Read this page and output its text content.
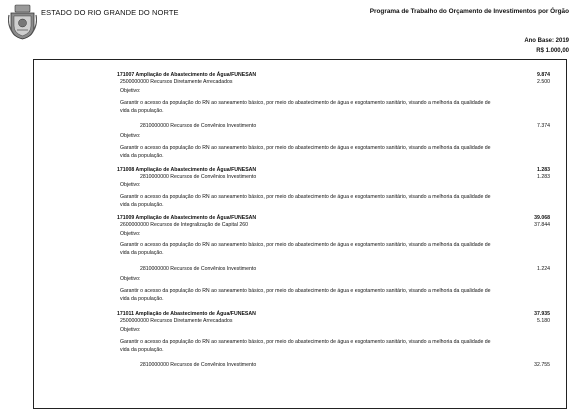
ESTADO DO RIO GRANDE DO NORTE	Programa de Trabalho do Orçamento de Investimentos por Órgão
Ano Base: 2019
R$ 1.000,00
171007 Ampliação de Abastecimento de Água/FUNESAN	9.874
2500000000 Recursos Diretamente Arrecadados	2.500
Objetivo:
Garantir o acesso da população do RN ao saneamento básico, por meio do abastecimento de água e esgotamento sanitário, visando a melhoria da qualidade de vida da população.
2810000000 Recursos de Convênios Investimento	7.374
Objetivo:
Garantir o acesso da população do RN ao saneamento básico, por meio do abastecimento de água e esgotamento sanitário, visando a melhoria da qualidade de vida da população.
171008 Ampliação de Abastecimento de Água/FUNESAN	1.283
2810000000 Recursos de Convênios Investimento	1.283
Objetivo:
Garantir o acesso da população do RN ao saneamento básico, por meio do abastecimento de água e esgotamento sanitário, visando a melhoria da qualidade de vida da população.
171009 Ampliação de Abastecimento de Água/FUNESAN	39.068
2600000000 Recursos de Integralização de Capital 260	37.844
Objetivo:
Garantir o acesso da população do RN ao saneamento básico, por meio do abastecimento de água e esgotamento sanitário, visando a melhoria da qualidade de vida da população.
2810000000 Recursos de Convênios Investimento	1.224
Objetivo:
Garantir o acesso da população do RN ao saneamento básico, por meio do abastecimento de água e esgotamento sanitário, visando a melhoria da qualidade de vida da população.
171011 Ampliação de Abastecimento de Água/FUNESAN	37.935
2500000000 Recursos Diretamente Arrecadados	5.180
Objetivo:
Garantir o acesso da população do RN ao saneamento básico, por meio do abastecimento de água e esgotamento sanitário, visando a melhoria da qualidade de vida da população.
2810000000 Recursos de Convênios Investimento	32.755
